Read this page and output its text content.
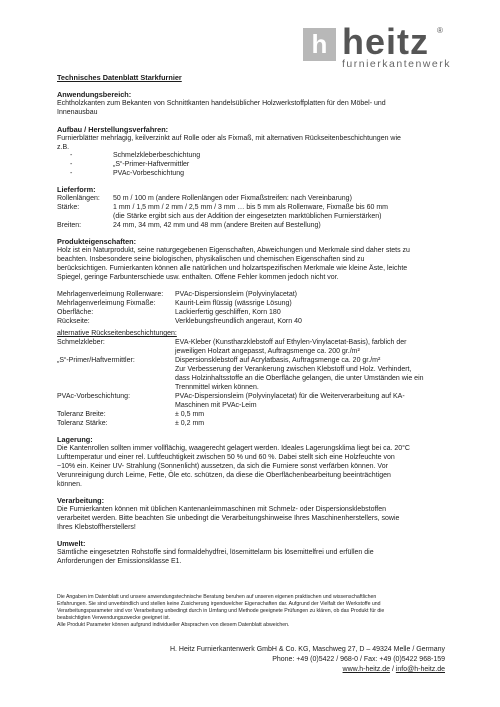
h heitz ®
furnierkantenwerk
Technisches Datenblatt Starkfurnier
Anwendungsbereich:
Echtholzkanten zum Bekanten von Schnittkanten handelsüblicher Holzwerkstoffplatten für den Möbel- und
Innenausbau
Aufbau / Herstellungsverfahren:
Furnierblätter mehrlagig, keilverzinkt auf Rolle oder als Fixmaß, mit alternativen Rückseitenbeschichtungen wie
z.B.
-	Schmelzkleberbeschichtung
-	„S“-Primer-Haftvermittler
-	PVAc-Vorbeschichtung
Lieferform:
Rollenlängen: 50 m / 100 m (andere Rollenlängen oder Fixmaßstreifen: nach Vereinbarung)
Stärke:	1 mm / 1,5 mm / 2 mm / 2,5 mm / 3 mm … bis 5 mm als Rollenware, Fixmaße bis 60 mm
(die Stärke ergibt sich aus der Addition der eingesetzten marktüblichen Furnierstärken)
Breiten:	24 mm, 34 mm, 42 mm und 48 mm (andere Breiten auf Bestellung)
Produkteigenschaften:
Holz ist ein Naturprodukt, seine naturgegebenen Eigenschaften, Abweichungen und Merkmale sind daher stets zu
beachten. Insbesondere seine biologischen, physikalischen und chemischen Eigenschaften sind zu
berücksichtigen. Furnierkanten können alle natürlichen und holzartspezifischen Merkmale wie kleine Äste, leichte
Spiegel, geringe Farbunterschiede usw. enthalten. Offene Fehler kommen jedoch nicht vor.
Mehrlagenverleimung Rollenware: PVAc-Dispersionsleim (Polyvinylacetat)
Mehrlagenverleimung Fixmaße:	Kaurit-Leim flüssig (wässrige Lösung)
Oberfläche:	Lackierfertig geschliffen, Korn 180
Rückseite:	Verklebungsfreundlich angeraut, Korn 40
alternative Rückseitenbeschichtungen:
Schmelzkleber:	EVA-Kleber (Kunstharzklebstoff auf Ethylen-Vinylacetat-Basis), farblich der
jeweiligen Holzart angepasst, Auftragsmenge ca. 200 gr./m²
„S“-Primer/Haftvermittler:	Dispersionsklebstoff auf Acrylatbasis, Auftragsmenge ca. 20 gr./m²
Zur Verbesserung der Verankerung zwischen Klebstoff und Holz. Verhindert,
dass Holzinhaltsstoffe an die Oberfläche gelangen, die unter Umständen wie ein
Trennmittel wirken können.
PVAc-Vorbeschichtung:	PVAc-Dispersionsleim (Polyvinylacetat) für die Weiterverarbeitung auf KA-
Maschinen mit PVAc-Leim
Toleranz Breite:	± 0,5 mm
Toleranz Stärke:	± 0,2 mm
Lagerung:
Die Kantenrollen sollten immer vollflächig, waagerecht gelagert werden. Ideales Lagerungsklima liegt bei ca. 20°C
Lufttemperatur und einer rel. Luftfeuchtigkeit zwischen 50 % und 60 %. Dabei stellt sich eine Holzfeuchte von
~10% ein. Keiner UV- Strahlung (Sonnenlicht) aussetzen, da sich die Furniere sonst verfärben können. Vor
Verunreinigung durch Leime, Fette, Öle etc. schützen, da diese die Oberflächenbearbeitung beeinträchtigen
können.
Verarbeitung:
Die Furnierkanten können mit üblichen Kantenanleimmaschinen mit Schmelz- oder Dispersionsklebstoffen
verarbeitet werden. Bitte beachten Sie unbedingt die Verarbeitungshinweise Ihres Maschinenherstellers, sowie
Ihres Klebstoffherstellers!
Umwelt:
Sämtliche eingesetzten Rohstoffe sind formaldehydfrei, lösemittelarm bis lösemittelfrei und erfüllen die
Anforderungen der Emissionsklasse E1.
Die Angaben im Datenblatt und unsere anwendungstechnische Beratung beruhen auf unseren eigenen praktischen und wissenschaftlichen
Erfahrungen. Sie sind unverbindlich und stellen keine Zusicherung irgendwelcher Eigenschaften dar. Aufgrund der Vielfalt der Werkstoffe und
Verarbeitungsparameter sind vor Verarbeitung unbedingt durch in Umfang und Methode geeignete Prüfungen zu klären, ob das Produkt für die
beabsichtigten Verwendungszwecke geeignet ist.
Alle Produkt Parameter können aufgrund individueller Absprachen von diesem Datenblatt abweichen.
H. Heitz Furnierkantenwerk GmbH & Co. KG, Maschweg 27, D – 49324 Melle / Germany
Phone: +49 (0)5422 / 968-0 / Fax: +49 (0)5422 968-159
www.h-heitz.de / info@h-heitz.de
